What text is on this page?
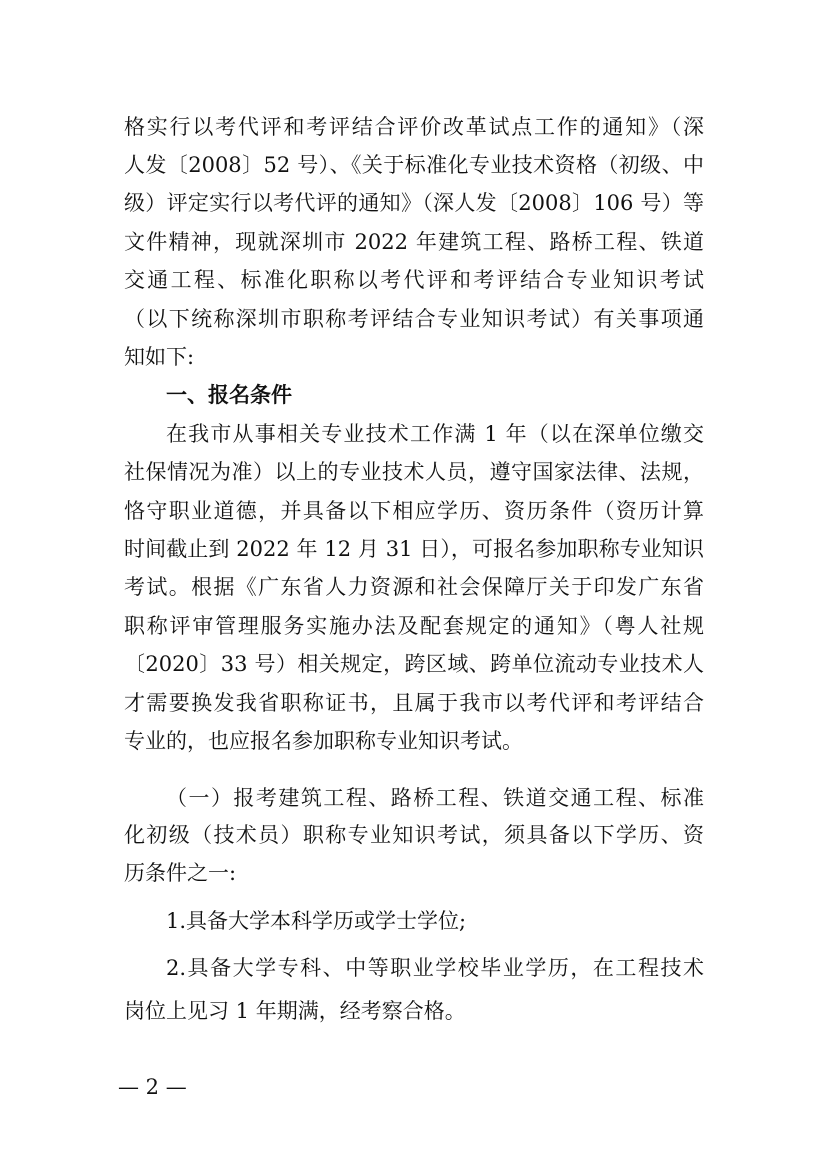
格实行以考代评和考评结合评价改革试点工作的通知》（深
人发〔2008〕52 号）、《关于标准化专业技术资格（初级、中
级）评定实行以考代评的通知》（深人发〔2008〕106 号）等
文件精神，现就深圳市 2022 年建筑工程、路桥工程、铁道
交通工程、标准化职称以考代评和考评结合专业知识考试
（以下统称深圳市职称考评结合专业知识考试）有关事项通
知如下:
一、报名条件
在我市从事相关专业技术工作满 1 年（以在深单位缴交
社保情况为准）以上的专业技术人员，遵守国家法律、法规，
恪守职业道德，并具备以下相应学历、资历条件（资历计算
时间截止到 2022 年 12 月 31 日），可报名参加职称专业知识
考试。根据《广东省人力资源和社会保障厅关于印发广东省
职称评审管理服务实施办法及配套规定的通知》（粤人社规
〔2020〕33 号）相关规定，跨区域、跨单位流动专业技术人
才需要换发我省职称证书，且属于我市以考代评和考评结合
专业的，也应报名参加职称专业知识考试。
（一）报考建筑工程、路桥工程、铁道交通工程、标准
化初级（技术员）职称专业知识考试，须具备以下学历、资
历条件之一:
1.具备大学本科学历或学士学位;
2.具备大学专科、中等职业学校毕业学历，在工程技术
岗位上见习 1 年期满，经考察合格。
— 2 —
